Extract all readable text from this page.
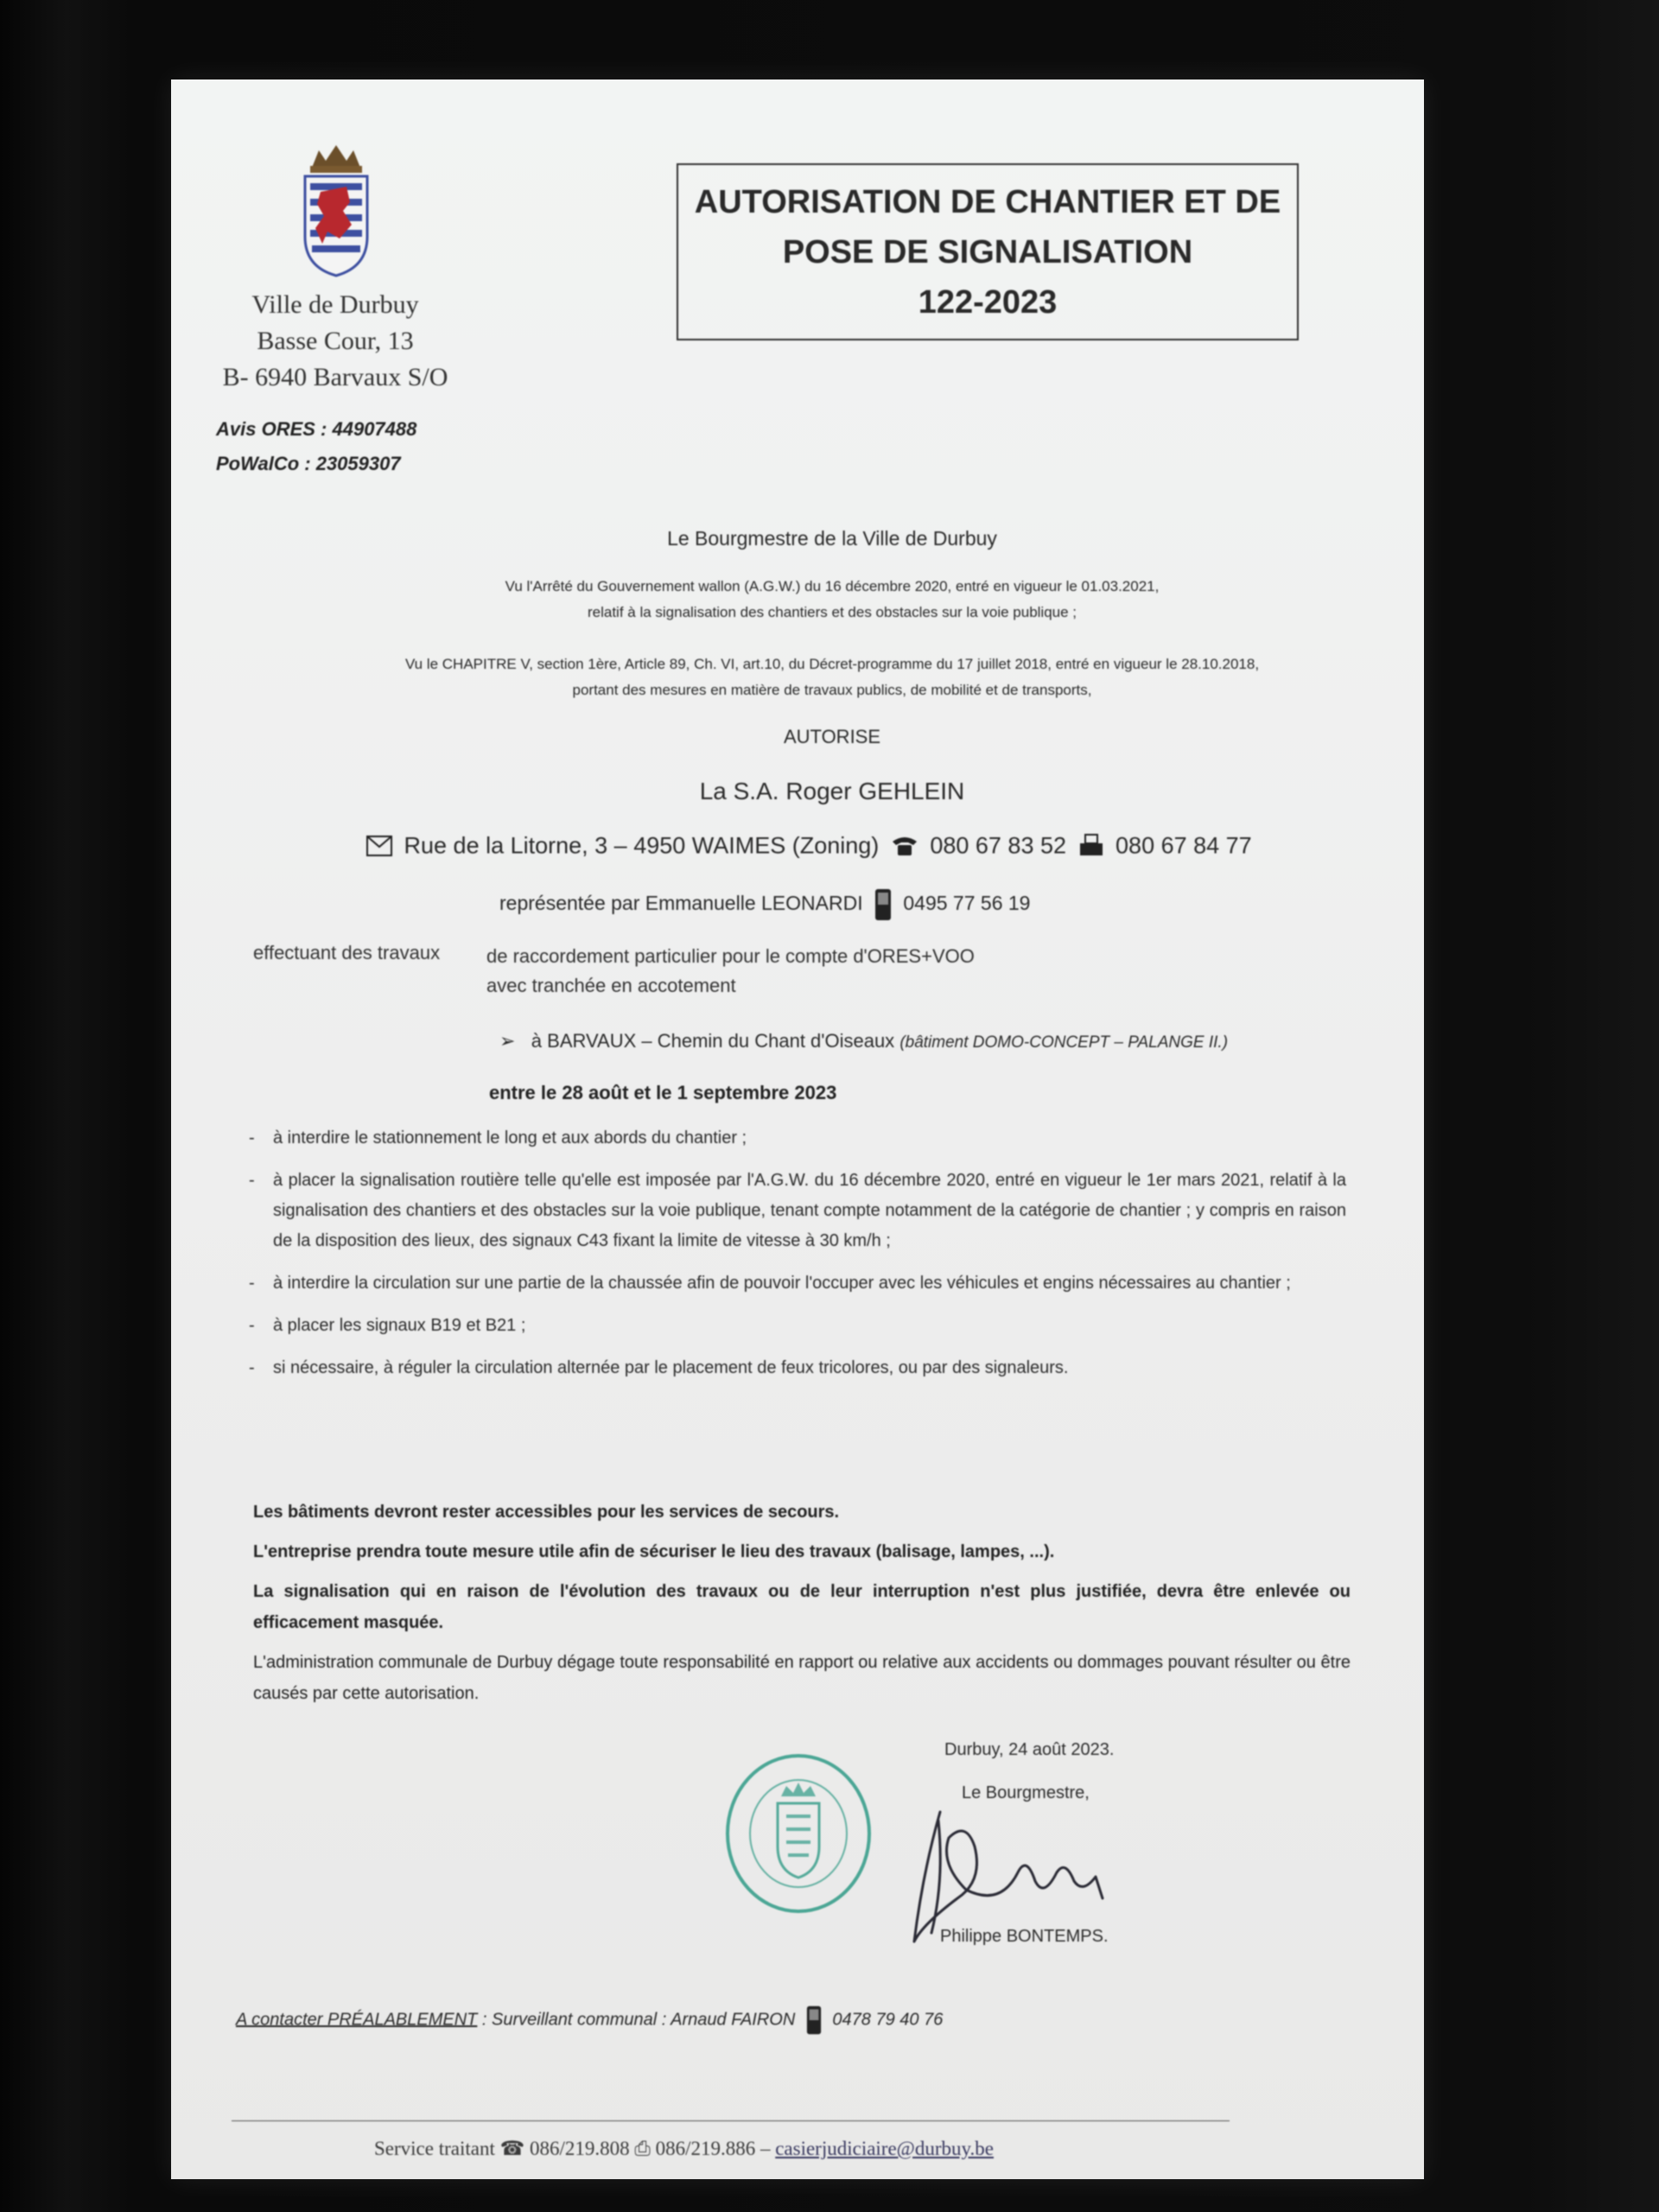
Ville de Durbuy
Basse Cour, 13
B- 6940 Barvaux S/O
Avis ORES : 44907488
PoWalCo : 23059307
AUTORISATION DE CHANTIER ET DE
POSE DE SIGNALISATION
122-2023
Le Bourgmestre de la Ville de Durbuy
Vu l'Arrêté du Gouvernement wallon (A.G.W.) du 16 décembre 2020, entré en vigueur le 01.03.2021,
relatif à la signalisation des chantiers et des obstacles sur la voie publique ;
Vu le CHAPITRE V, section 1ère, Article 89, Ch. VI, art.10, du Décret-programme du 17 juillet 2018, entré en vigueur le 28.10.2018,
portant des mesures en matière de travaux publics, de mobilité et de transports,
AUTORISE
La S.A. Roger GEHLEIN
Rue de la Litorne, 3 – 4950 WAIMES (Zoning) 080 67 83 52 080 67 84 77
représentée par Emmanuelle LEONARDI 0495 77 56 19
effectuant des travaux de raccordement particulier pour le compte d'ORES+VOO
avec tranchée en accotement
➢   à BARVAUX – Chemin du Chant d'Oiseaux (bâtiment DOMO-CONCEPT – PALANGE II.)
entre le 28 août et le 1 septembre 2023
-	à interdire le stationnement le long et aux abords du chantier ;
-	à placer la signalisation routière telle qu'elle est imposée par l'A.G.W. du 16 décembre 2020, entré en vigueur le 1er mars 2021, relatif à la signalisation des chantiers et des obstacles sur la voie publique, tenant compte notamment de la catégorie de chantier ; y compris en raison de la disposition des lieux, des signaux C43 fixant la limite de vitesse à 30 km/h ;
-	à interdire la circulation sur une partie de la chaussée afin de pouvoir l'occuper avec les véhicules et engins nécessaires au chantier ;
-	à placer les signaux B19 et B21 ;
-	si nécessaire, à réguler la circulation alternée par le placement de feux tricolores, ou par des signaleurs.

Les bâtiments devront rester accessibles pour les services de secours.

L'entreprise prendra toute mesure utile afin de sécuriser le lieu des travaux (balisage, lampes, ...).

La signalisation qui en raison de l'évolution des travaux ou de leur interruption n'est plus justifiée, devra être enlevée ou efficacement masquée.

L'administration communale de Durbuy dégage toute responsabilité en rapport ou relative aux accidents ou dommages pouvant résulter ou être causés par cette autorisation.

Durbuy, 24 août 2023.
Le Bourgmestre,
Philippe BONTEMPS.
A contacter PRÉALABLEMENT : Surveillant communal : Arnaud FAIRON 0478 79 40 76
Service traitant ☎ 086/219.808 ⎙ 086/219.886 – casierjudiciaire@durbuy.be
